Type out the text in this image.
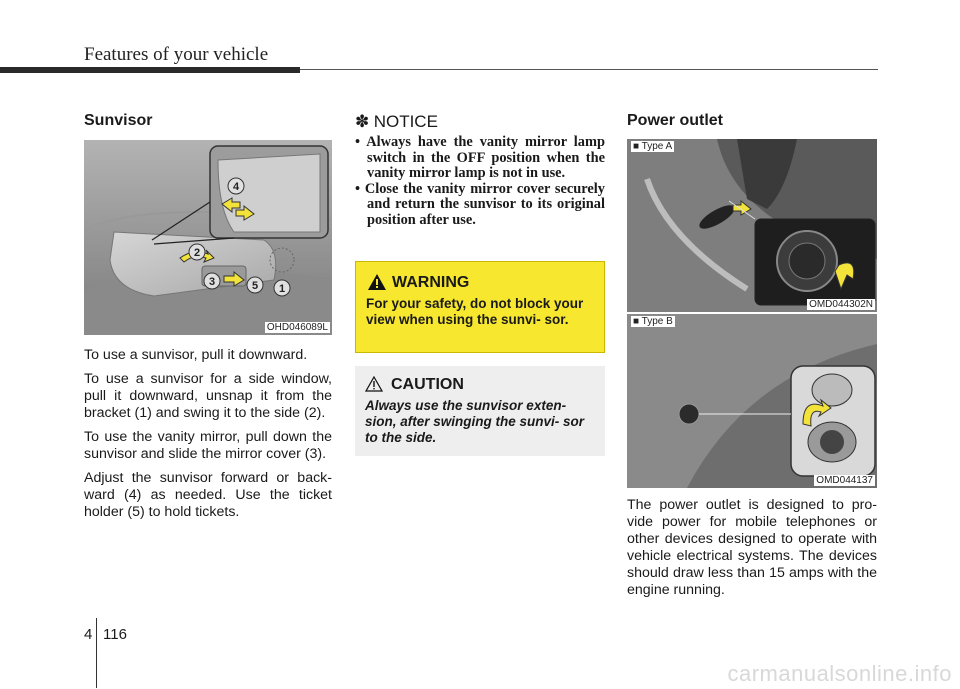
Features of your vehicle
Sunvisor
4
2
3	5 1
OHD046089L

To use a sunvisor, pull it downward.

To use a sunvisor for a side window, pull it downward, unsnap it from the bracket (1) and swing it to the side (2).

To use the vanity mirror, pull down the sunvisor and slide the mirror cover (3).

Adjust the sunvisor forward or back- ward (4) as needed. Use the ticket holder (5) to hold tickets.

✽ NOTICE
• Always have the vanity mirror lamp switch in the OFF position when the vanity mirror lamp is not in use.
• Close the vanity mirror cover securely and return the sunvisor to its original position after use.
WARNING
For your safety, do not block your view when using the sunvi- sor.
CAUTION
Always use the sunvisor exten- sion, after swinging the sunvi- sor to the side.
Power outlet
■ Type A
OMD044302N
■ Type B
OMD044137

The power outlet is designed to pro- vide power for mobile telephones or other devices designed to operate with vehicle electrical systems. The devices should draw less than 15 amps with the engine running.

4 116
carmanualsonline.info
